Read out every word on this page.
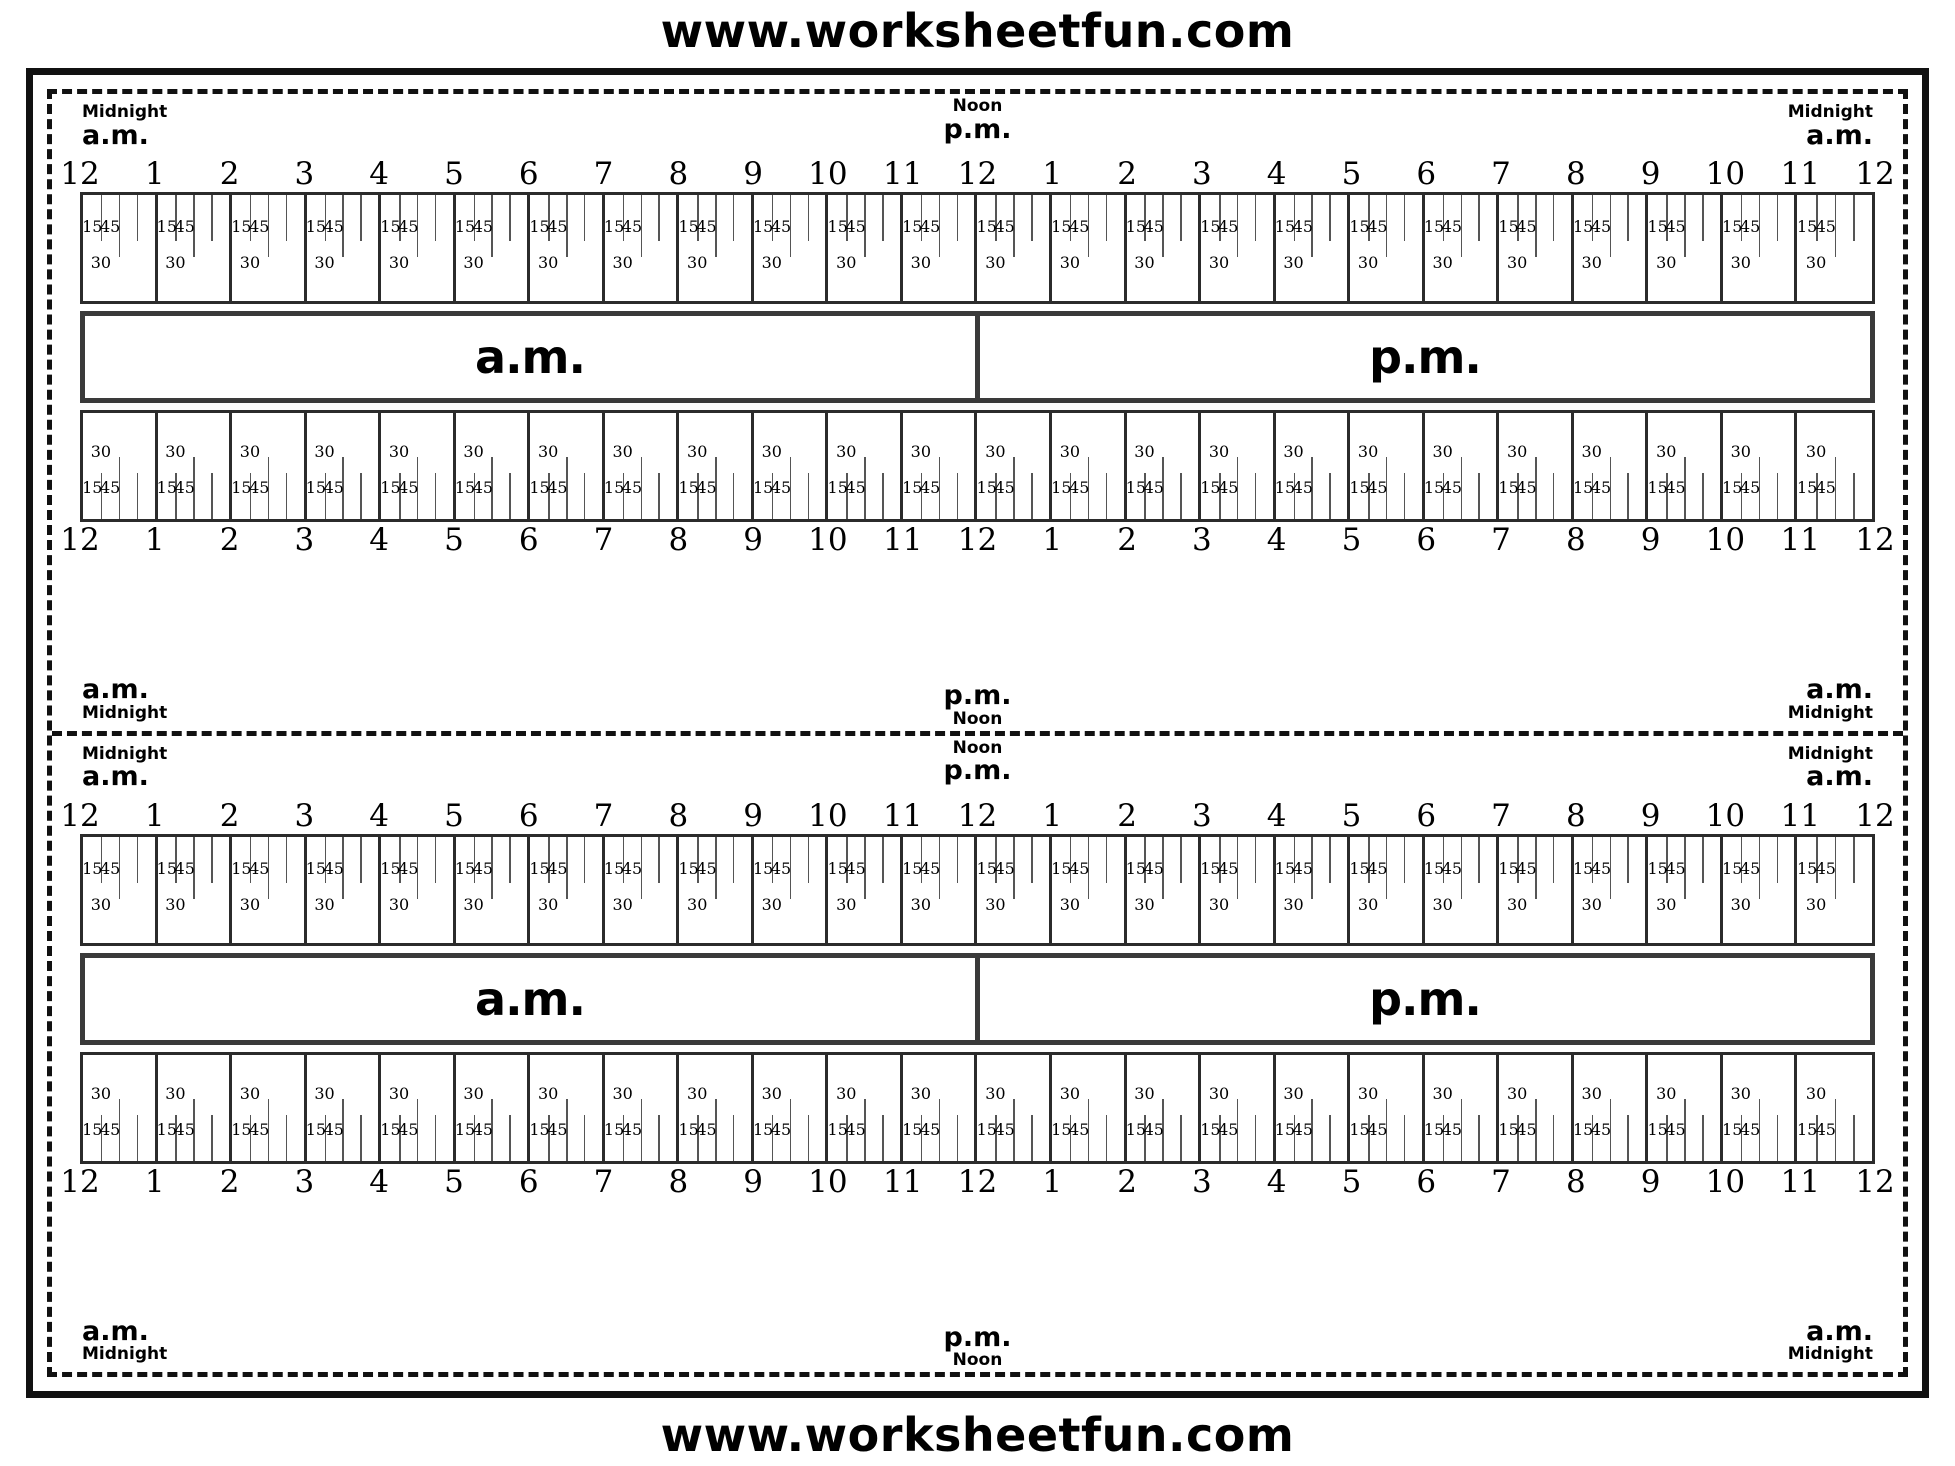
www.worksheetfun.com
Midnight
a.m.
Noon
p.m.
Midnight
a.m.
12 1 2 3 4 5 6 7 8 9 10 11 12 1 2 3 4 5 6 7 8 9 10 11 12
15
45
30
15
45
30
15
45
30
15
45
30
15
45
30
15
45
30
15
45
30
15
45
30
15
45
30
15
45
30
15
45
30
15
45
30
15
45
30
15
45
30
15
45
30
15
45
30
15
45
30
15
45
30
15
45
30
15
45
30
15
45
30
15
45
30
15
45
30
15
45
30
a.m.	p.m.
15
45
30
15
45
30
15
45
30
15
45
30
15
45
30
15
45
30
15
45
30
15
45
30
15
45
30
15
45
30
15
45
30
15
45
30
15
45
30
15
45
30
15
45
30
15
45
30
15
45
30
15
45
30
15
45
30
15
45
30
15
45
30
15
45
30
15
45
30
15
45
30
12 1 2 3 4 5 6 7 8 9 10 11 12 1 2 3 4 5 6 7 8 9 10 11 12
a.m.
Midnight
p.m.
Noon
a.m.
Midnight
Midnight
a.m.
Noon
p.m.
Midnight
a.m.
12 1 2 3 4 5 6 7 8 9 10 11 12 1 2 3 4 5 6 7 8 9 10 11 12
15
45
30
15
45
30
15
45
30
15
45
30
15
45
30
15
45
30
15
45
30
15
45
30
15
45
30
15
45
30
15
45
30
15
45
30
15
45
30
15
45
30
15
45
30
15
45
30
15
45
30
15
45
30
15
45
30
15
45
30
15
45
30
15
45
30
15
45
30
15
45
30
a.m.	p.m.
15
45
30
15
45
30
15
45
30
15
45
30
15
45
30
15
45
30
15
45
30
15
45
30
15
45
30
15
45
30
15
45
30
15
45
30
15
45
30
15
45
30
15
45
30
15
45
30
15
45
30
15
45
30
15
45
30
15
45
30
15
45
30
15
45
30
15
45
30
15
45
30
12 1 2 3 4 5 6 7 8 9 10 11 12 1 2 3 4 5 6 7 8 9 10 11 12
a.m.
Midnight
p.m.
Noon
a.m.
Midnight
www.worksheetfun.com
